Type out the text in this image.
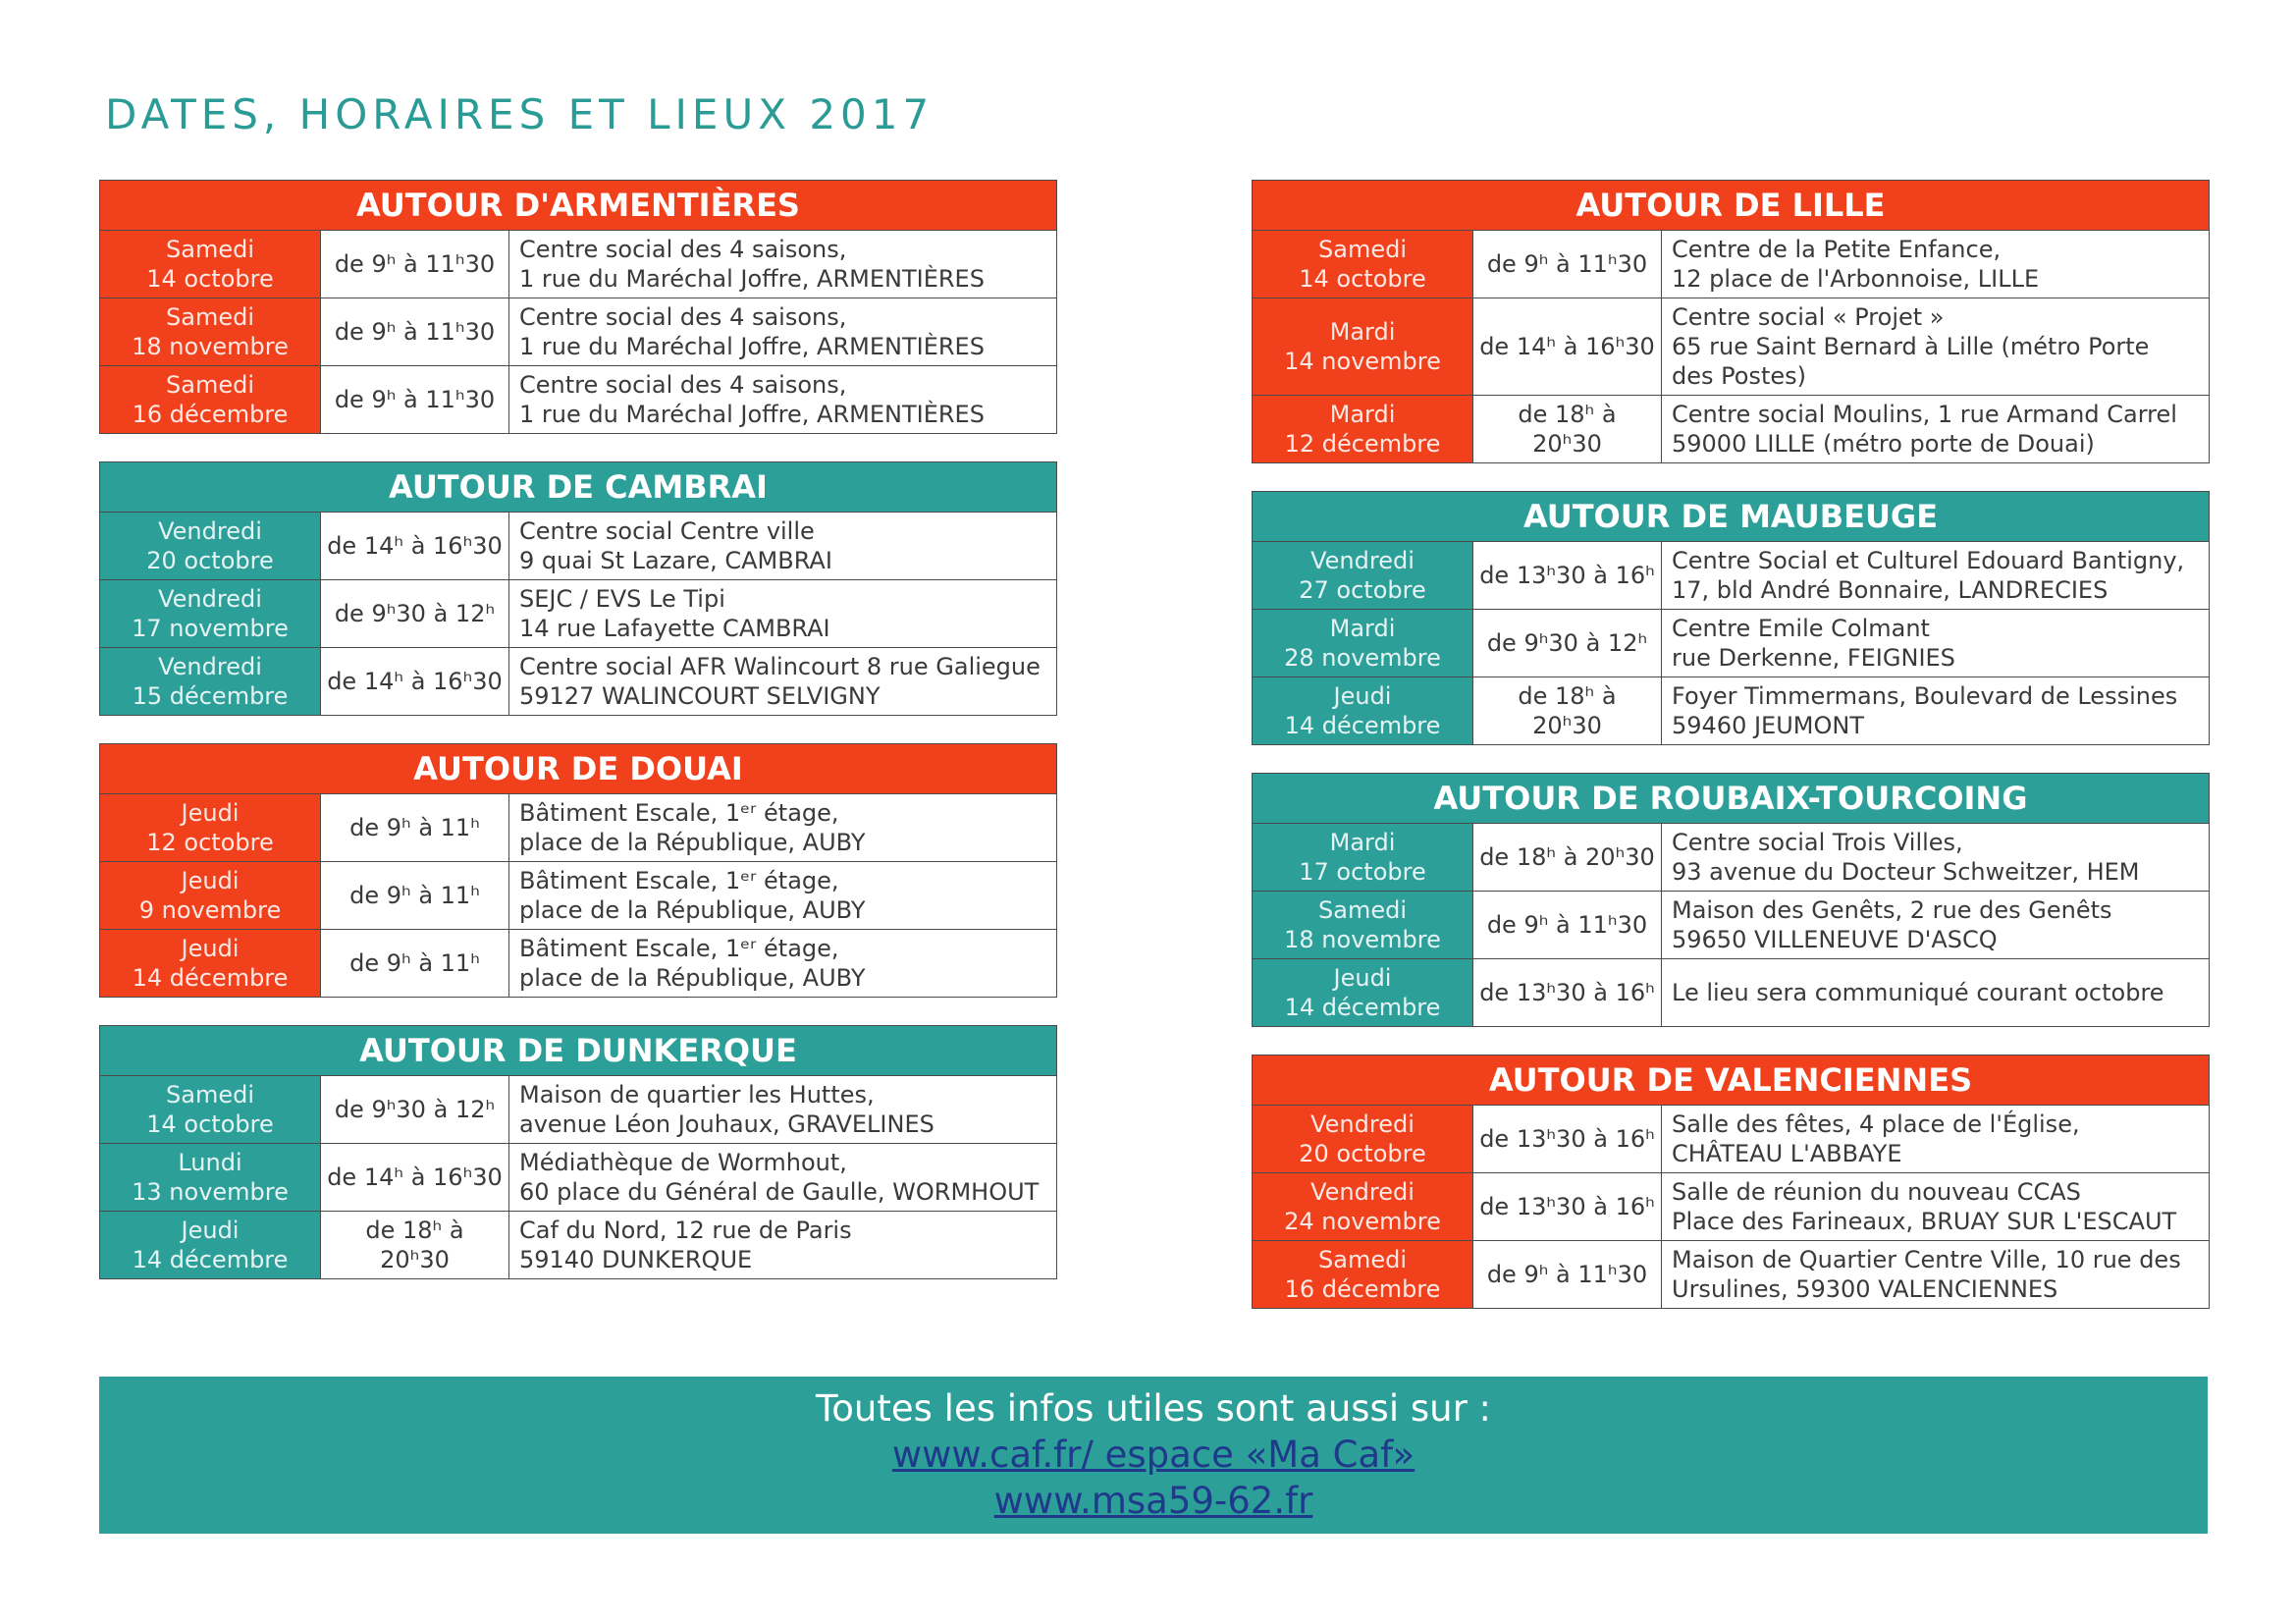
DATES, HORAIRES ET LIEUX 2017
AUTOUR D'ARMENTIÈRES		

Samedi
14 octobre	de 9ʰ à 11ʰ30	Centre social des 4 saisons,
1 rue du Maréchal Joffre, ARMENTIÈRES

Samedi
18 novembre	de 9ʰ à 11ʰ30	Centre social des 4 saisons,
1 rue du Maréchal Joffre, ARMENTIÈRES

Samedi
16 décembre	de 9ʰ à 11ʰ30	Centre social des 4 saisons,
1 rue du Maréchal Joffre, ARMENTIÈRES
AUTOUR DE CAMBRAI		

Vendredi
20 octobre	de 14ʰ à 16ʰ30	Centre social Centre ville
9 quai St Lazare, CAMBRAI

Vendredi
17 novembre	de 9ʰ30 à 12ʰ	SEJC / EVS Le Tipi
14 rue Lafayette CAMBRAI

Vendredi
15 décembre	de 14ʰ à 16ʰ30	Centre social AFR Walincourt 8 rue Galiegue
59127 WALINCOURT SELVIGNY
AUTOUR DE DOUAI		

Jeudi
12 octobre	de 9ʰ à 11ʰ	Bâtiment Escale, 1ᵉʳ étage,
place de la République, AUBY

Jeudi
9 novembre	de 9ʰ à 11ʰ	Bâtiment Escale, 1ᵉʳ étage,
place de la République, AUBY

Jeudi
14 décembre	de 9ʰ à 11ʰ	Bâtiment Escale, 1ᵉʳ étage,
place de la République, AUBY
AUTOUR DE DUNKERQUE		

Samedi
14 octobre	de 9ʰ30 à 12ʰ	Maison de quartier les Huttes,
avenue Léon Jouhaux, GRAVELINES

Lundi
13 novembre	de 14ʰ à 16ʰ30	Médiathèque de Wormhout,
60 place du Général de Gaulle, WORMHOUT

Jeudi
14 décembre	de 18ʰ à
20ʰ30	Caf du Nord, 12 rue de Paris
59140 DUNKERQUE
AUTOUR DE LILLE		

Samedi
14 octobre	de 9ʰ à 11ʰ30	Centre de la Petite Enfance,
12 place de l'Arbonnoise, LILLE

Mardi
14 novembre	de 14ʰ à 16ʰ30	Centre social « Projet »
65 rue Saint Bernard à Lille (métro Porte
des Postes)

Mardi
12 décembre	de 18ʰ à
20ʰ30	Centre social Moulins, 1 rue Armand Carrel
59000 LILLE (métro porte de Douai)
AUTOUR DE MAUBEUGE		

Vendredi
27 octobre	de 13ʰ30 à 16ʰ	Centre Social et Culturel Edouard Bantigny,
17, bld André Bonnaire, LANDRECIES

Mardi
28 novembre	de 9ʰ30 à 12ʰ	Centre Emile Colmant
rue Derkenne, FEIGNIES

Jeudi
14 décembre	de 18ʰ à
20ʰ30	Foyer Timmermans, Boulevard de Lessines
59460 JEUMONT
AUTOUR DE ROUBAIX-TOURCOING		

Mardi
17 octobre	de 18ʰ à 20ʰ30	Centre social Trois Villes,
93 avenue du Docteur Schweitzer, HEM

Samedi
18 novembre	de 9ʰ à 11ʰ30	Maison des Genêts, 2 rue des Genêts
59650 VILLENEUVE D'ASCQ

Jeudi
14 décembre	de 13ʰ30 à 16ʰ	Le lieu sera communiqué courant octobre
AUTOUR DE VALENCIENNES		

Vendredi
20 octobre	de 13ʰ30 à 16ʰ	Salle des fêtes, 4 place de l'Église,
CHÂTEAU L'ABBAYE

Vendredi
24 novembre	de 13ʰ30 à 16ʰ	Salle de réunion du nouveau CCAS
Place des Farineaux, BRUAY SUR L'ESCAUT

Samedi
16 décembre	de 9ʰ à 11ʰ30	Maison de Quartier Centre Ville, 10 rue des
Ursulines, 59300 VALENCIENNES
Toutes les infos utiles sont aussi sur :
www.caf.fr/ espace «Ma Caf»
www.msa59-62.fr
